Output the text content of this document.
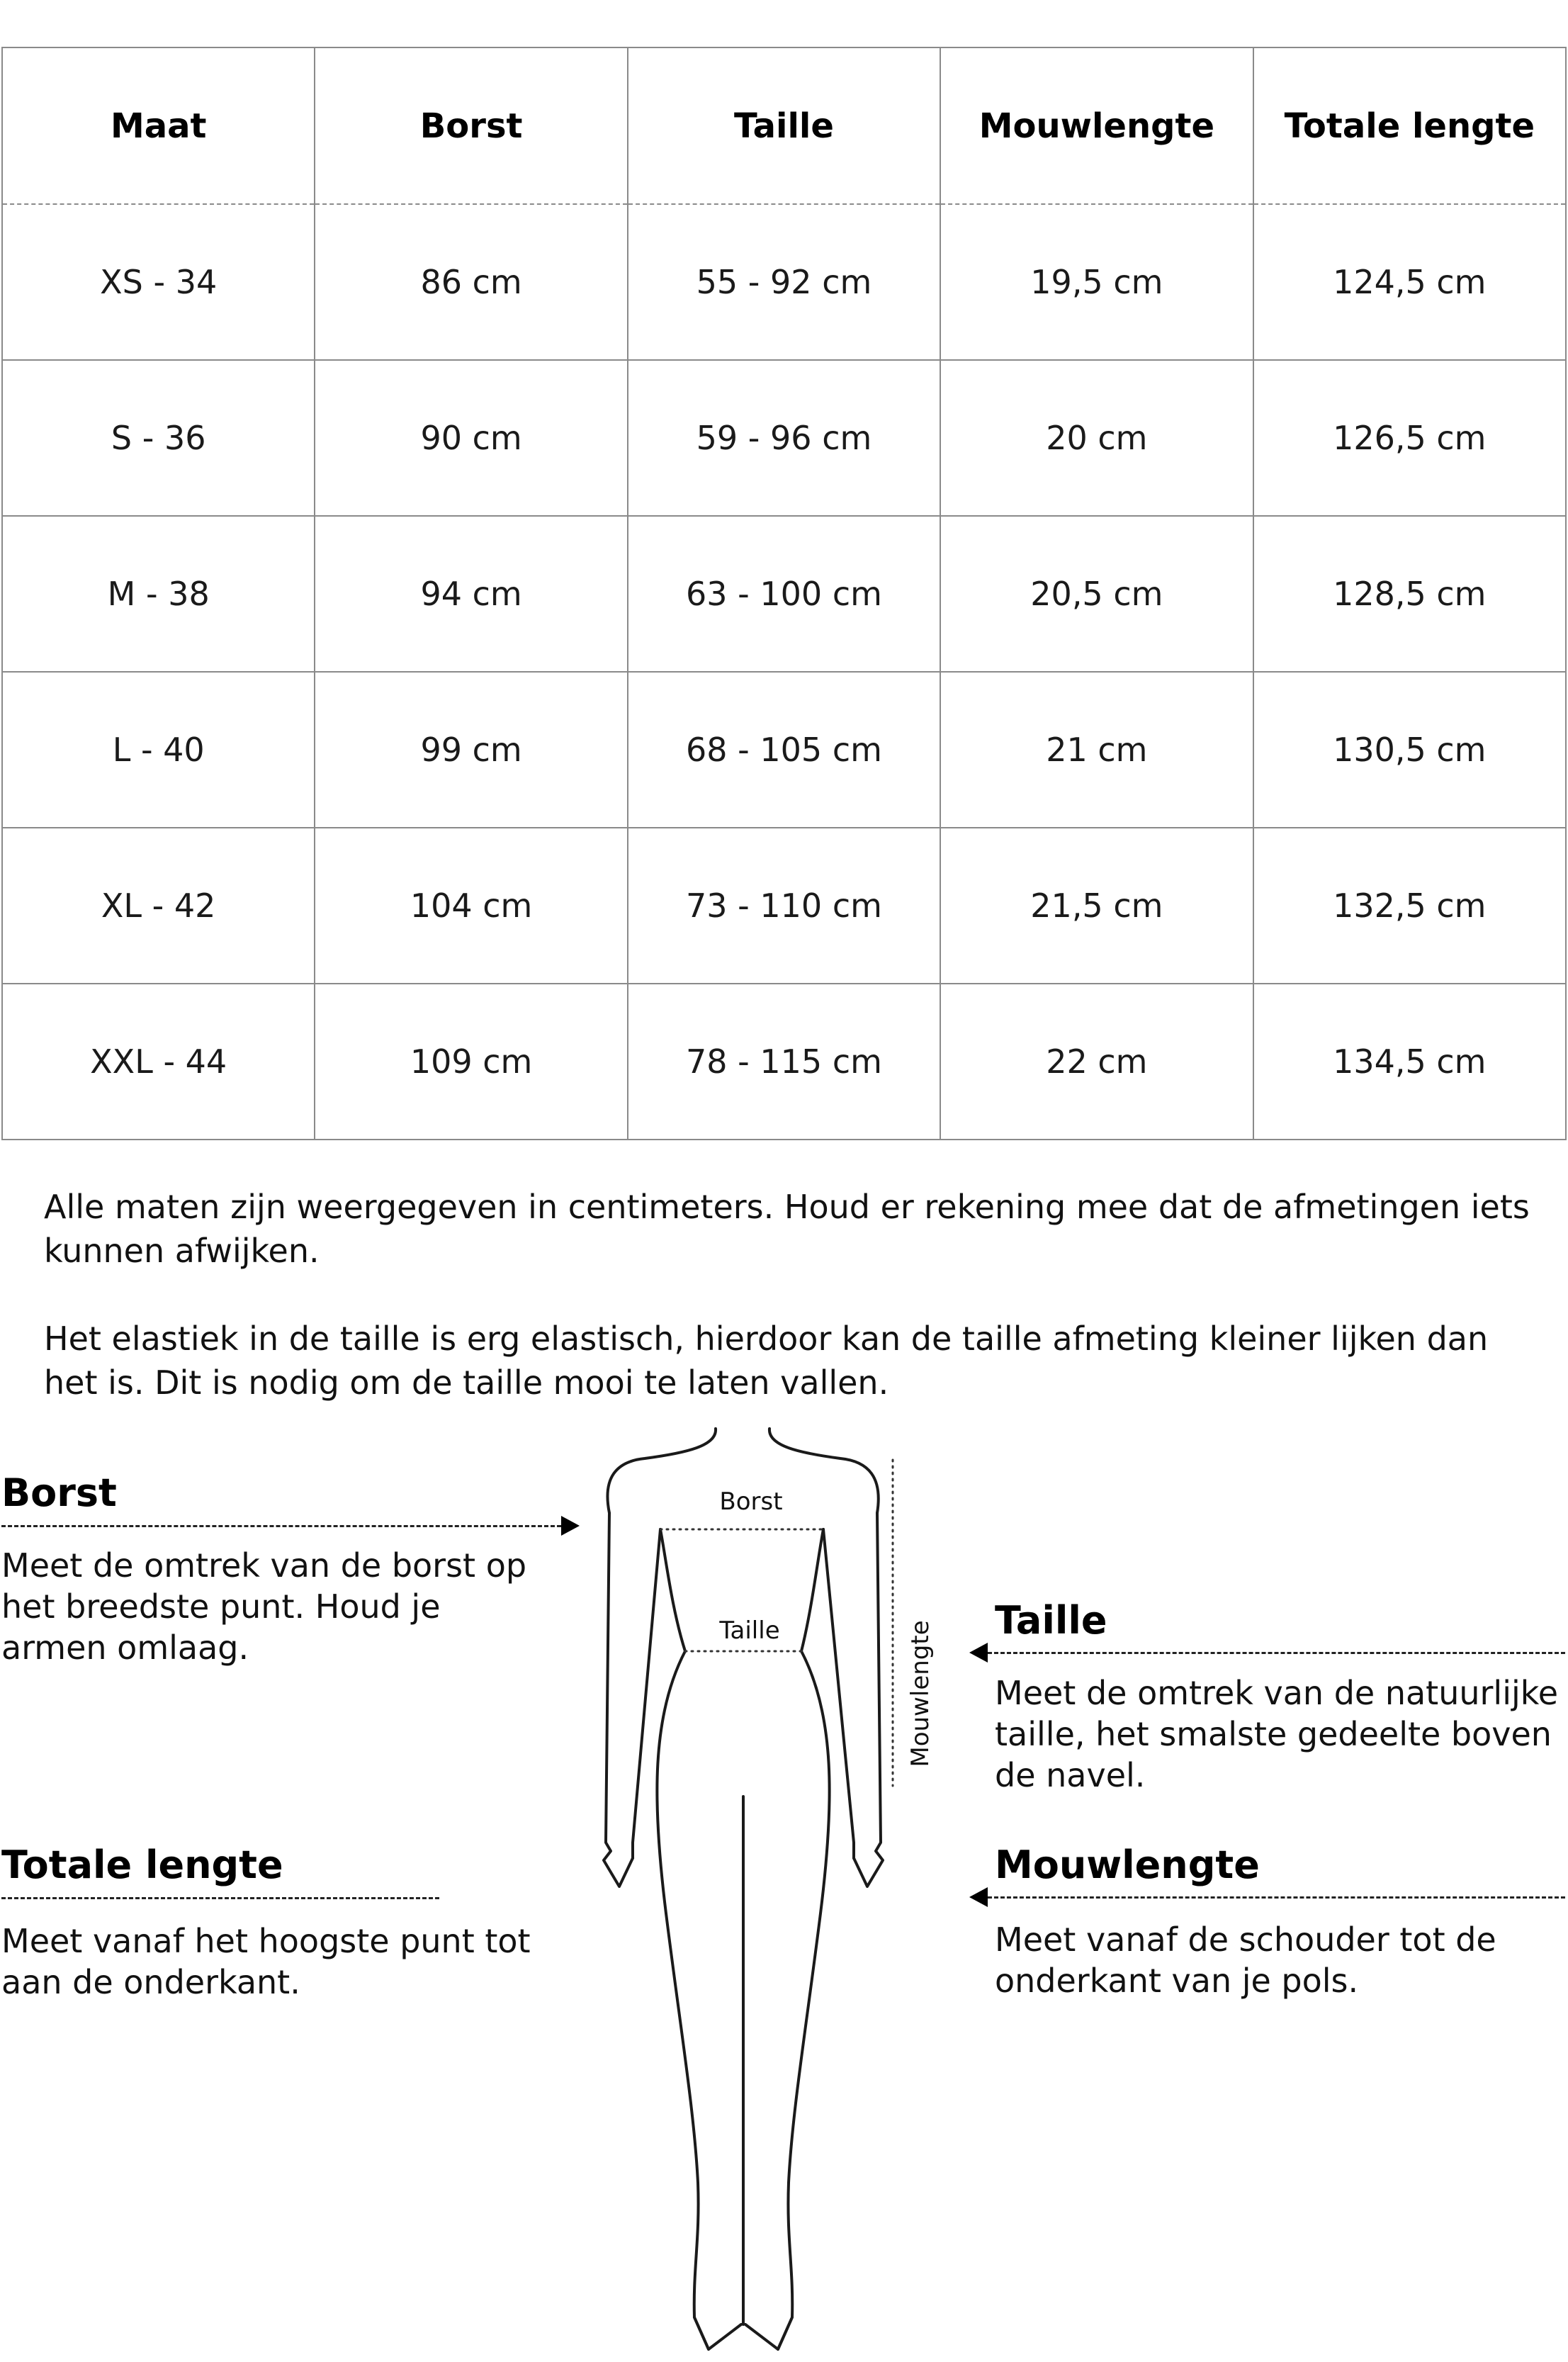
Maat	Borst	Taille	Mouwlengte	Totale lengte
XS - 34	86 cm	55 - 92 cm	19,5 cm	124,5 cm
S - 36	90 cm	59 - 96 cm	20 cm	126,5 cm
M - 38	94 cm	63 - 100 cm	20,5 cm	128,5 cm
L - 40	99 cm	68 - 105 cm	21 cm	130,5 cm
XL - 42	104 cm	73 - 110 cm	21,5 cm	132,5 cm
XXL - 44	109 cm	78 - 115 cm	22 cm	134,5 cm

Alle maten zijn weergegeven in centimeters. Houd er rekening mee dat de afmetingen iets kunnen afwijken.

Het elastiek in de taille is erg elastisch, hierdoor kan de taille afmeting kleiner lijken dan het is. Dit is nodig om de taille mooi te laten vallen.

Borst

Meet de omtrek van de borst op het breedste punt. Houd je armen omlaag.

Totale lengte

Meet vanaf het hoogste punt tot aan de onderkant.

Taille

Meet de omtrek van de natuurlijke taille, het smalste gedeelte boven de navel.

Mouwlengte

Meet vanaf de schouder tot de onderkant van je pols.

Borst
Taille	Mouwlengte
